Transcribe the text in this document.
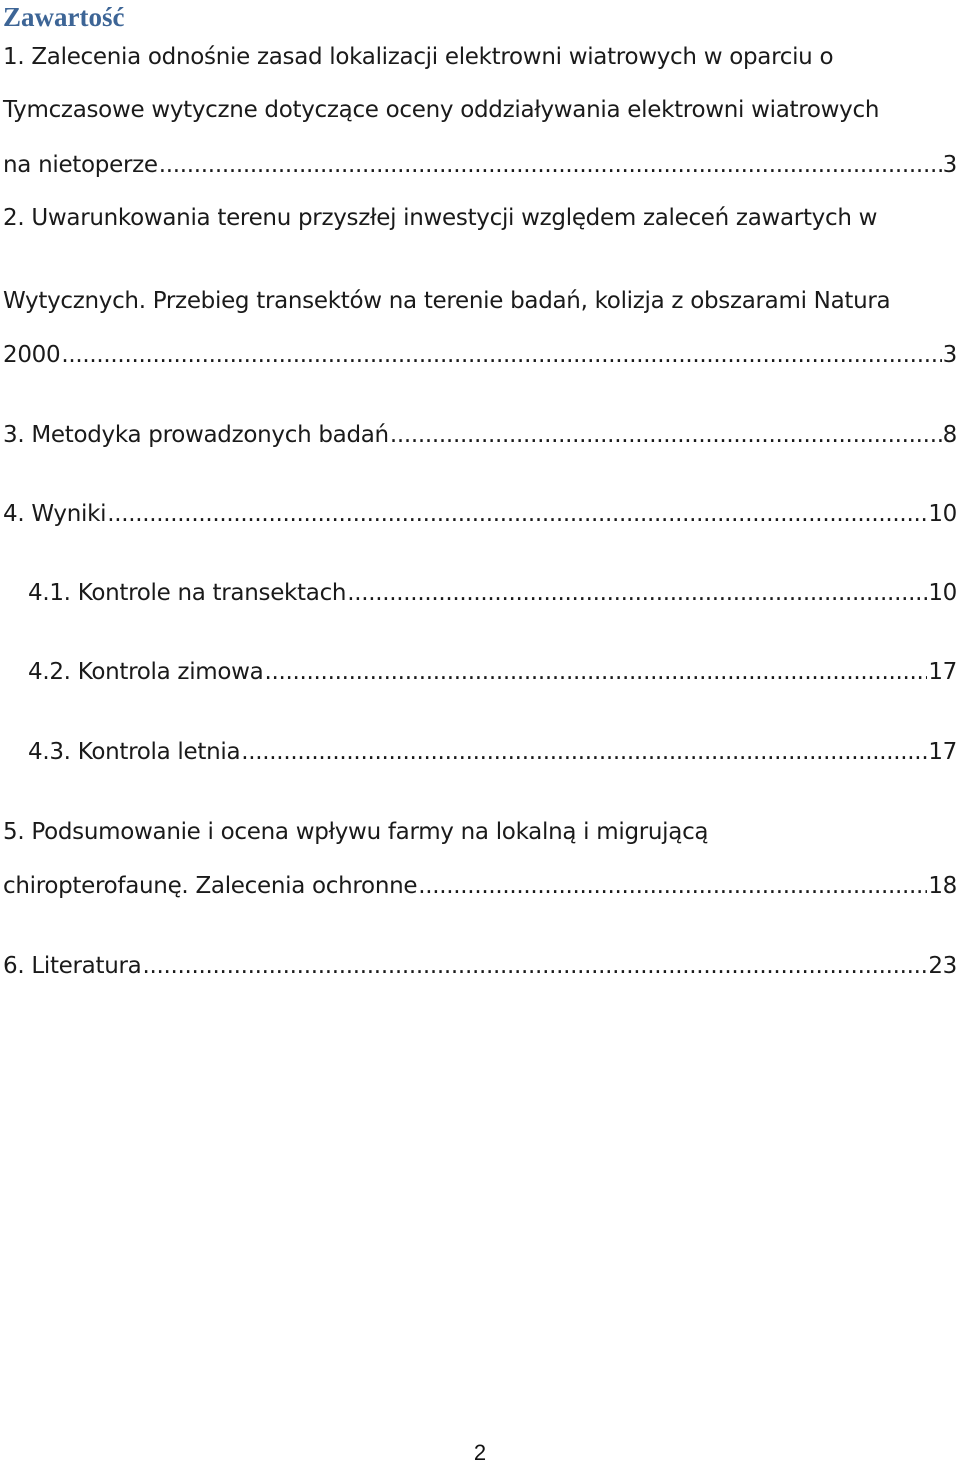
Zawartość
1. Zalecenia odnośnie zasad lokalizacji elektrowni wiatrowych w oparciu o
Tymczasowe wytyczne dotyczące oceny oddziaływania elektrowni wiatrowych
na nietoperze .....	3
2. Uwarunkowania terenu przyszłej inwestycji względem zaleceń zawartych w
Wytycznych. Przebieg transektów na terenie badań, kolizja z obszarami Natura
2000 .....	3
3. Metodyka prowadzonych badań .....	8
4. Wyniki .....	10
4.1. Kontrole na transektach .....	10
4.2. Kontrola zimowa .....	17
4.3. Kontrola letnia .....	17
5. Podsumowanie i ocena wpływu farmy na lokalną i migrującą
chiropterofaunę. Zalecenia ochronne .....	18
6. Literatura .....	23
2
